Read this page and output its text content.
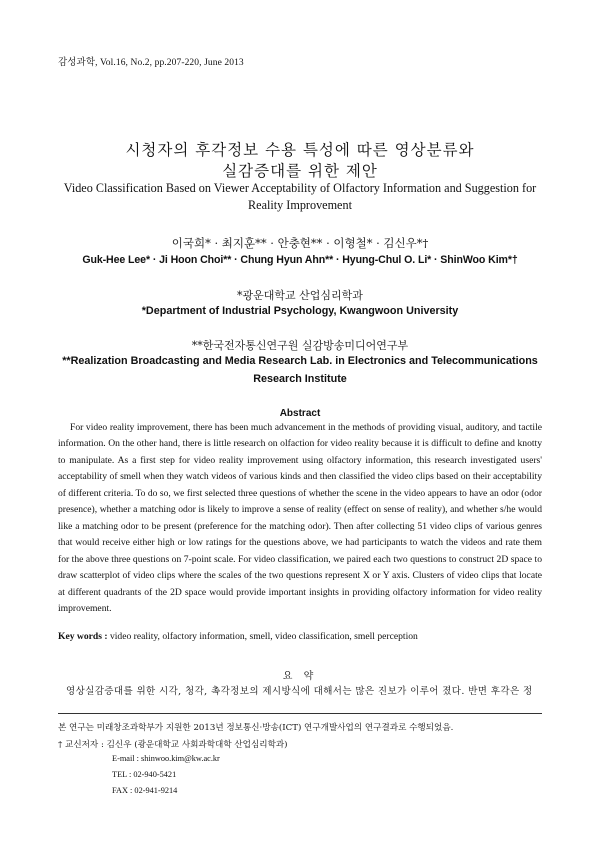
감성과학, Vol.16, No.2, pp.207-220, June 2013
시청자의 후각정보 수용 특성에 따른 영상분류와
실감증대를 위한 제안
Video Classification Based on Viewer Acceptability of Olfactory Information and Suggestion for
Reality Improvement
이국희* · 최지훈** · 안충현** · 이형철* · 김신우*†
Guk-Hee Lee* · Ji Hoon Choi** · Chung Hyun Ahn** · Hyung-Chul O. Li* · ShinWoo Kim*†
*광운대학교 산업심리학과
*Department of Industrial Psychology, Kwangwoon University
**한국전자통신연구원 실감방송미디어연구부
**Realization Broadcasting and Media Research Lab. in Electronics and Telecommunications
Research Institute
Abstract
For video reality improvement, there has been much advancement in the methods of providing visual, auditory, and tactile information. On the other hand, there is little research on olfaction for video reality because it is difficult to define and knotty to manipulate. As a first step for video reality improvement using olfactory information, this research investigated users' acceptability of smell when they watch videos of various kinds and then classified the video clips based on their acceptability of different criteria. To do so, we first selected three questions of whether the scene in the video appears to have an odor (odor presence), whether a matching odor is likely to improve a sense of reality (effect on sense of reality), and whether s/he would like a matching odor to be present (preference for the matching odor). Then after collecting 51 video clips of various genres that would receive either high or low ratings for the questions above, we had participants to watch the videos and rate them for the above three questions on 7-point scale. For video classification, we paired each two questions to construct 2D space to draw scatterplot of video clips where the scales of the two questions represent X or Y axis. Clusters of video clips that locate at different quadrants of the 2D space would provide important insights in providing olfactory information for video reality improvement.
Key words : video reality, olfactory information, smell, video classification, smell perception
요 약
영상실감증대를 위한 시각, 청각, 촉각정보의 제시방식에 대해서는 많은 진보가 이루어 졌다. 반면 후각은 정
본 연구는 미래창조과학부가 지원한 2013년 정보통신·방송(ICT) 연구개발사업의 연구결과로 수행되었음.
† 교신저자 : 김신우 (광운대학교 사회과학대학 산업심리학과)
E-mail : shinwoo.kim@kw.ac.kr
TEL : 02-940-5421
FAX : 02-941-9214
